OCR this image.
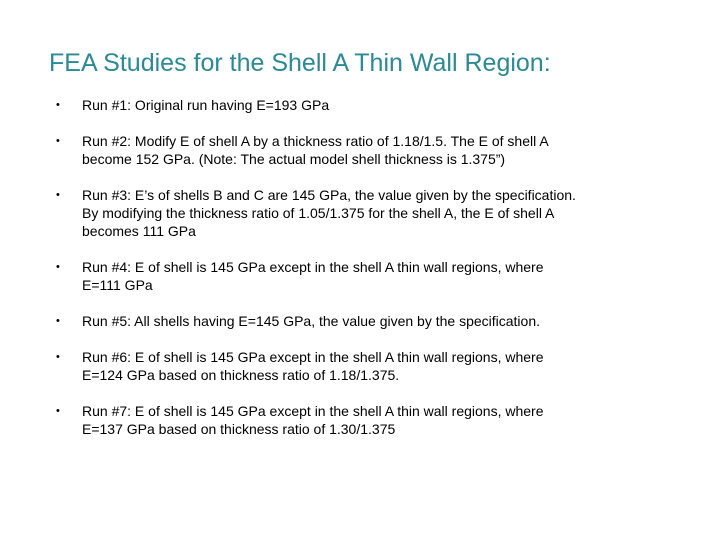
FEA Studies for the Shell A Thin Wall Region:
•	Run #1: Original run having E=193 GPa
•	Run #2: Modify E of shell A by a thickness ratio of 1.18/1.5. The E of shell A
become 152 GPa. (Note: The actual model shell thickness is 1.375”)
•	Run #3: E’s of shells B and C are 145 GPa, the value given by the specification.
By modifying the thickness ratio of 1.05/1.375 for the shell A, the E of shell A
becomes 111 GPa
•	Run #4: E of shell is 145 GPa except in the shell A thin wall regions, where
E=111 GPa
•	Run #5: All shells having E=145 GPa, the value given by the specification.
•	Run #6: E of shell is 145 GPa except in the shell A thin wall regions, where
E=124 GPa based on thickness ratio of 1.18/1.375.
•	Run #7: E of shell is 145 GPa except in the shell A thin wall regions, where
E=137 GPa based on thickness ratio of 1.30/1.375
